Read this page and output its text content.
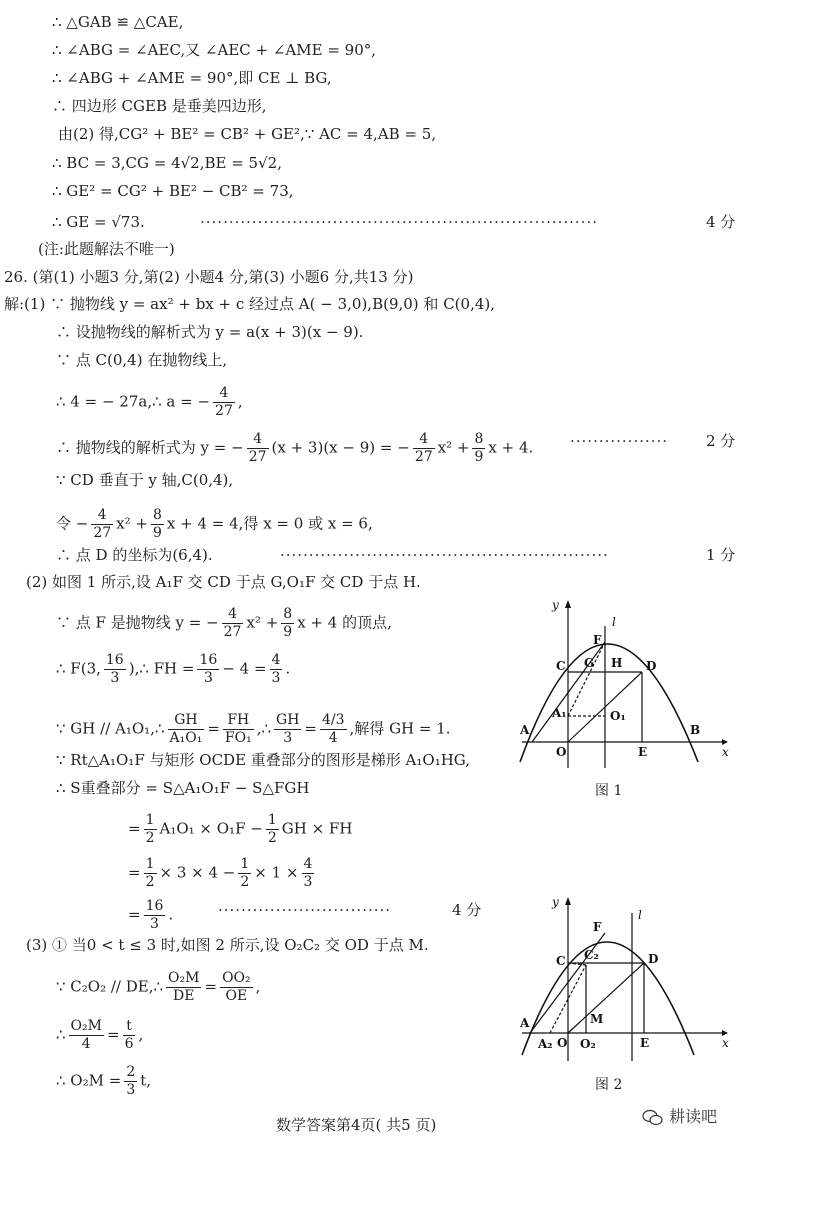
∴ △GAB ≌ △CAE,
∴ ∠ABG = ∠AEC,又 ∠AEC + ∠AME = 90°,
∴ ∠ABG + ∠AME = 90°,即 CE ⊥ BG,
∴ 四边形 CGEB 是垂美四边形,
由(2) 得,CG² + BE² = CB² + GE²,∵ AC = 4,AB = 5,
∴ BC = 3,CG = 4√2,BE = 5√2,
∴ GE² = CG² + BE² − CB² = 73,
∴ GE = √73.	·····································································	4 分
(注:此题解法不唯一)
26. (第(1) 小题3 分,第(2) 小题4 分,第(3) 小题6 分,共13 分)
解:(1) ∵ 抛物线 y = ax² + bx + c 经过点 A( − 3,0),B(9,0) 和 C(0,4),
∴ 设抛物线的解析式为 y = a(x + 3)(x − 9).
∵ 点 C(0,4) 在抛物线上,
∴ 4 = − 27a,∴ a = − $\frac{4}{27}$ ,
∴ 抛物线的解析式为 y = − $\frac{4}{27} (x + 3)(x - 9)$ = − $\frac{4}{27} x^2 + \frac{8}{9}$ x + 4. ·················	2 分
∵ CD 垂直于 y 轴,C(0,4),
令 − $\frac{4}{27} x^2 + \frac{8}{9}$ x + 4 = 4,得 x = 0 或 x = 6,
∴ 点 D 的坐标为(6,4).	·························································	1 分
(2) 如图 1 所示,设 A₁F 交 CD 于点 G,O₁F 交 CD 于点 H.
∵ 点 F 是抛物线 y = − $\frac{4}{27} x^2 + \frac{8}{9}$ x + 4 的顶点,
∴ F(3, $\frac{16}{3}$ ),∴ FH = $\frac{16}{3} - 4 = \frac{4}{3}$ .
∵ GH // A₁O₁,∴ $\frac{GH}{\text{A₁O₁}} = \frac{FH}{\text{FO₁}}$ ,∴ $\frac{GH}{3} = \frac{4/3}{4}$ ,解得 GH = 1.
∵ Rt△A₁O₁F 与矩形 OCDE 重叠部分的图形是梯形 A₁O₁HG,
∴ S重叠部分 = S△A₁O₁F − S△FGH
= $\frac{1}{2} A_1O_1 \times O_1F - \frac{1}{2}$ GH × FH
= $\frac{1}{2} \times 3 \times 4 - \frac{1}{2} \times 1 \times \frac{4}{3}$
= $\frac{16}{3}$ .	······························	4 分
(3) ① 当0 < t ≤ 3 时,如图 2 所示,设 O₂C₂ 交 OD 于点 M.
∵ C₂O₂ // DE,∴ $\frac{\text{O₂M}}{DE} = \frac{\text{OO₂}}{OE}$ ,
∴ $\frac{\text{O₂M}}{4} = \frac{t}{6}$ ,
∴ $O_2M = \frac{2}{3} t$,
y
x
l
F
C G H D
A₁	O₁
A
O	E
B
图 1
y
x
l
F
C C₂	D
M
A
A₂ O O₂	E
图 2
数学答案第4页( 共5 页)	耕读吧
